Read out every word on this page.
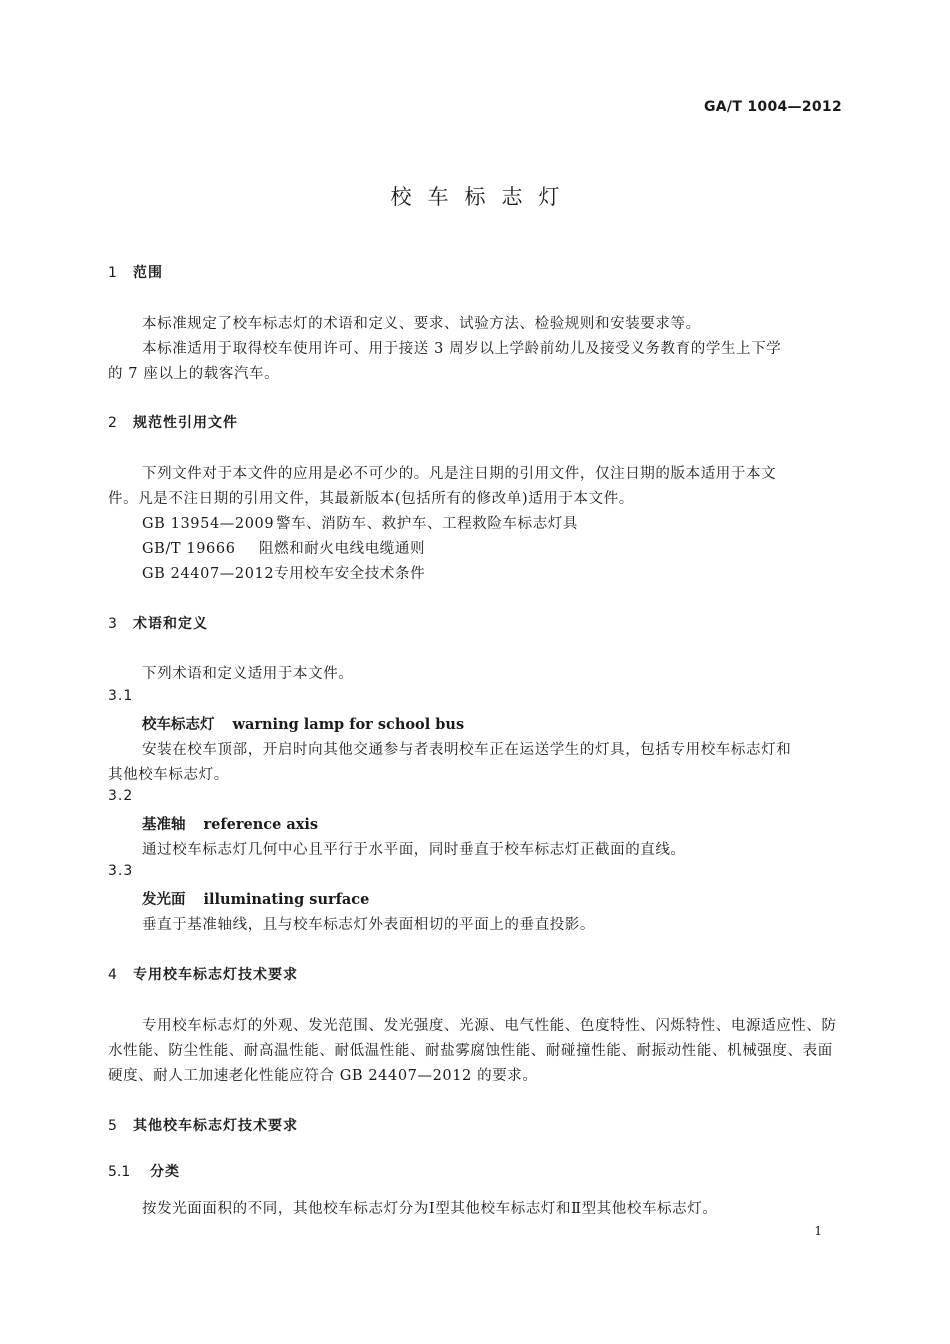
GA/T 1004—2012
校车标志灯
1 范围
本标准规定了校车标志灯的术语和定义、要求、试验方法、检验规则和安装要求等。
本标准适用于取得校车使用许可、用于接送 3 周岁以上学龄前幼儿及接受义务教育的学生上下学
的 7 座以上的载客汽车。
2 规范性引用文件
下列文件对于本文件的应用是必不可少的。凡是注日期的引用文件，仅注日期的版本适用于本文
件。凡是不注日期的引用文件，其最新版本(包括所有的修改单)适用于本文件。
GB 13954—2009 警车、消防车、救护车、工程救险车标志灯具
GB/T 19666 阻燃和耐火电线电缆通则
GB 24407—2012专用校车安全技术条件
3 术语和定义
下列术语和定义适用于本文件。
3.1
校车标志灯 warning lamp for school bus
安装在校车顶部，开启时向其他交通参与者表明校车正在运送学生的灯具，包括专用校车标志灯和
其他校车标志灯。
3.2
基准轴 reference axis
通过校车标志灯几何中心且平行于水平面，同时垂直于校车标志灯正截面的直线。
3.3
发光面 illuminating surface
垂直于基准轴线，且与校车标志灯外表面相切的平面上的垂直投影。
4 专用校车标志灯技术要求
专用校车标志灯的外观、发光范围、发光强度、光源、电气性能、色度特性、闪烁特性、电源适应性、防
水性能、防尘性能、耐高温性能、耐低温性能、耐盐雾腐蚀性能、耐碰撞性能、耐振动性能、机械强度、表面
硬度、耐人工加速老化性能应符合 GB 24407—2012 的要求。
5 其他校车标志灯技术要求
5.1 分类
按发光面面积的不同，其他校车标志灯分为Ⅰ型其他校车标志灯和Ⅱ型其他校车标志灯。
1
